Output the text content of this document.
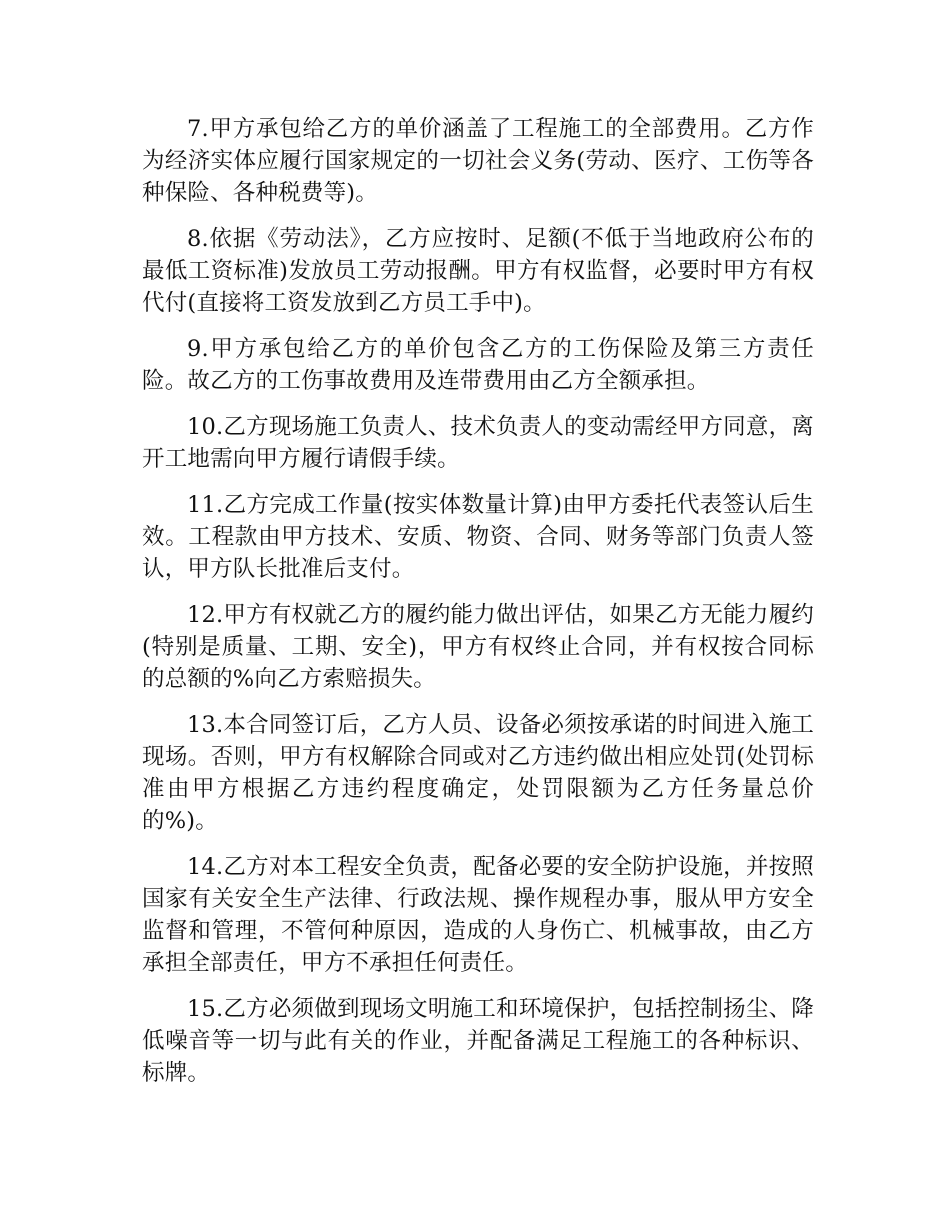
7.甲方承包给乙方的单价涵盖了工程施工的全部费用。乙方作为经济实体应履行国家规定的一切社会义务(劳动、医疗、工伤等各种保险、各种税费等)。

8.依据《劳动法》，乙方应按时、足额(不低于当地政府公布的最低工资标准)发放员工劳动报酬。甲方有权监督，必要时甲方有权代付(直接将工资发放到乙方员工手中)。

9.甲方承包给乙方的单价包含乙方的工伤保险及第三方责任险。故乙方的工伤事故费用及连带费用由乙方全额承担。

10.乙方现场施工负责人、技术负责人的变动需经甲方同意，离开工地需向甲方履行请假手续。

11.乙方完成工作量(按实体数量计算)由甲方委托代表签认后生效。工程款由甲方技术、安质、物资、合同、财务等部门负责人签认，甲方队长批准后支付。

12.甲方有权就乙方的履约能力做出评估，如果乙方无能力履约(特别是质量、工期、安全)，甲方有权终止合同，并有权按合同标的总额的%向乙方索赔损失。

13.本合同签订后，乙方人员、设备必须按承诺的时间进入施工现场。否则，甲方有权解除合同或对乙方违约做出相应处罚(处罚标准由甲方根据乙方违约程度确定，处罚限额为乙方任务量总价的%)。

14.乙方对本工程安全负责，配备必要的安全防护设施，并按照国家有关安全生产法律、行政法规、操作规程办事，服从甲方安全监督和管理，不管何种原因，造成的人身伤亡、机械事故，由乙方承担全部责任，甲方不承担任何责任。

15.乙方必须做到现场文明施工和环境保护，包括控制扬尘、降低噪音等一切与此有关的作业，并配备满足工程施工的各种标识、标牌。
